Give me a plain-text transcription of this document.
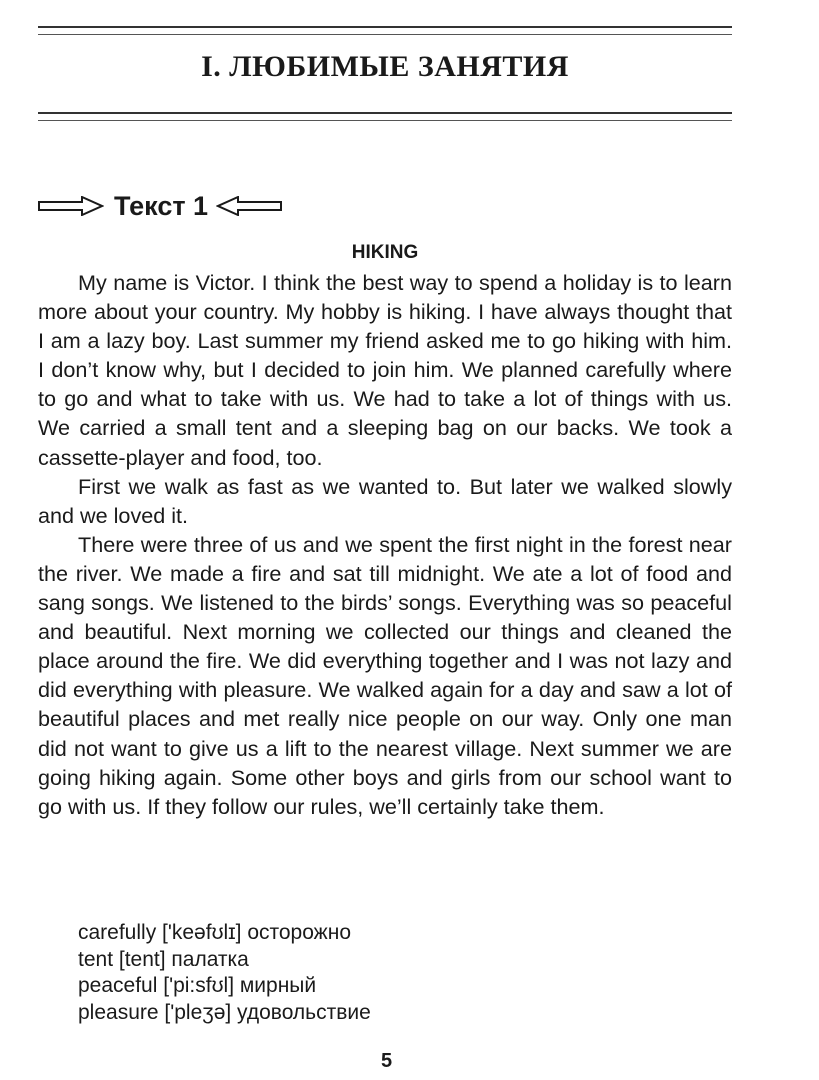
I. ЛЮБИМЫЕ ЗАНЯТИЯ
Текст 1
HIKING

My name is Victor. I think the best way to spend a holiday is to learn more about your country. My hobby is hiking. I have always thought that I am a lazy boy. Last summer my friend asked me to go hiking with him. I don’t know why, but I decided to join him. We planned carefully where to go and what to take with us. We had to take a lot of things with us. We carried a small tent and a sleeping bag on our backs. We took a cassette-player and food, too.

First we walk as fast as we wanted to. But later we walked slowly and we loved it.

There were three of us and we spent the first night in the forest near the river. We made a fire and sat till midnight. We ate a lot of food and sang songs. We listened to the birds’ songs. Everything was so peaceful and beautiful. Next morning we collected our things and cleaned the place around the fire. We did everything together and I was not lazy and did everything with pleasure. We walked again for a day and saw a lot of beautiful places and met really nice people on our way. Only one man did not want to give us a lift to the nearest village. Next summer we are going hiking again. Some other boys and girls from our school want to go with us. If they follow our rules, we’ll certainly take them.

carefully ['keəfʊlɪ] осторожно
tent [tent] палатка
peaceful ['pi:sfʊl] мирный
pleasure ['pleʒə] удовольствие
5
